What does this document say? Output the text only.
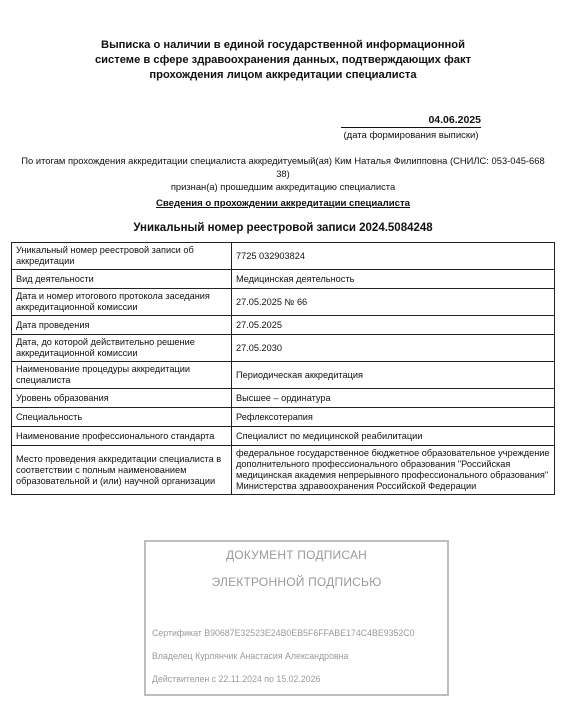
Выписка о наличии в единой государственной информационной
системе в сфере здравоохранения данных, подтверждающих факт
прохождения лицом аккредитации специалиста
04.06.2025
(дата формирования выписки)
По итогам прохождения аккредитации специалиста аккредитуемый(ая) Ким Наталья Филипповна (СНИЛС: 053-045-668 38)
признан(а) прошедшим аккредитацию специалиста
Сведения о прохождении аккредитации специалиста
Уникальный номер реестровой записи 2024.5084248
Уникальный номер реестровой записи об аккредитации	7725 032903824
Вид деятельности	Медицинская деятельность
Дата и номер итогового протокола заседания аккредитационной комиссии	27.05.2025 № 66
Дата проведения	27.05.2025
Дата, до которой действительно решение аккредитационной комиссии	27.05.2030
Наименование процедуры аккредитации специалиста	Периодическая аккредитация
Уровень образования	Высшее – ординатура
Специальность	Рефлексотерапия
Наименование профессионального стандарта	Специалист по медицинской реабилитации
Место проведения аккредитации специалиста в соответствии с полным наименованием образовательной и (или) научной организации	федеральное государственное бюджетное образовательное учреждение дополнительного профессионального образования "Российская медицинская академия непрерывного профессионального образования" Министерства здравоохранения Российской Федерации
ДОКУМЕНТ ПОДПИСАН
ЭЛЕКТРОННОЙ ПОДПИСЬЮ
Сертификат B90687E32523E24B0EB5F6FFABE174C4BE9352C0
Владелец Курлянчик Анастасия Александровна
Действителен с 22.11.2024 по 15.02.2026
